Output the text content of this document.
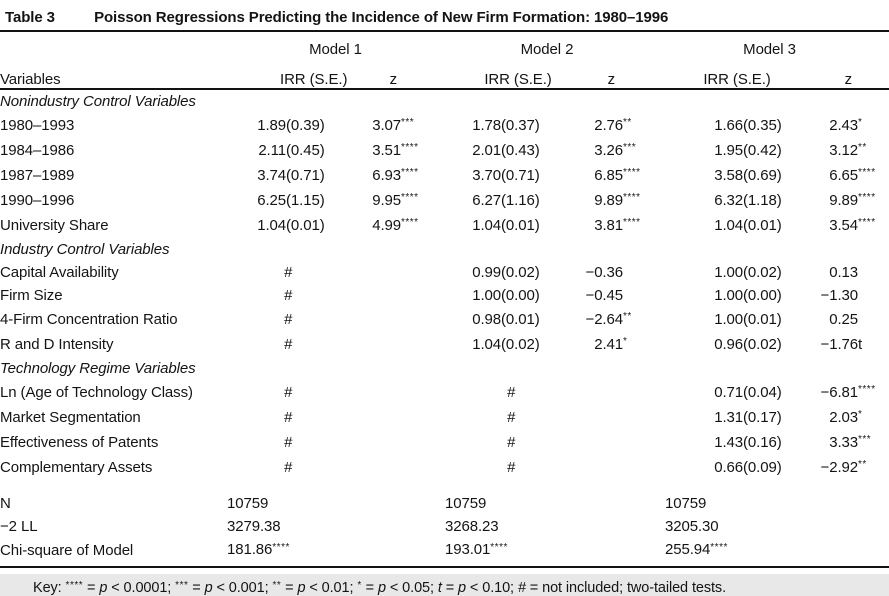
Table 3	Poisson Regressions Predicting the Incidence of New Firm Formation: 1980–1996
	Model 1				Model 2				Model 3			
Variables	IRR (S.E.)		z		IRR (S.E.)		z		IRR (S.E.)		z	
Nonindustry Control Variables												
1980–1993	1.89	(0.39)	3.07	***	1.78	(0.37)	2.76	**	1.66	(0.35)	2.43	*
1984–1986	2.11	(0.45)	3.51	****	2.01	(0.43)	3.26	***	1.95	(0.42)	3.12	**
1987–1989	3.74	(0.71)	6.93	****	3.70	(0.71)	6.85	****	3.58	(0.69)	6.65	****
1990–1996	6.25	(1.15)	9.95	****	6.27	(1.16)	9.89	****	6.32	(1.18)	9.89	****
University Share	1.04	(0.01)	4.99	****	1.04	(0.01)	3.81	****	1.04	(0.01)	3.54	****
Industry Control Variables												
Capital Availability	#				0.99	(0.02)	−0.36		1.00	(0.02)	0.13	
Firm Size	#				1.00	(0.00)	−0.45		1.00	(0.00)	−1.30	
4-Firm Concentration Ratio	#				0.98	(0.01)	−2.64	**	1.00	(0.01)	0.25	
R and D Intensity	#				1.04	(0.02)	2.41	*	0.96	(0.02)	−1.76	t
Technology Regime Variables												
Ln (Age of Technology Class)	#				#				0.71	(0.04)	−6.81	****
Market Segmentation	#				#				1.31	(0.17)	2.03	*
Effectiveness of Patents	#				#				1.43	(0.16)	3.33	***
Complementary Assets	#				#				0.66	(0.09)	−2.92	**
N	10759	10759	10759
−2 LL	3279.38	3268.23	3205.30
Chi-square of Model	181.86****	193.01****	255.94****

Key: **** = p < 0.0001; *** = p < 0.001; ** = p < 0.01; * = p < 0.05; t = p < 0.10; # = not included; two-tailed tests.
